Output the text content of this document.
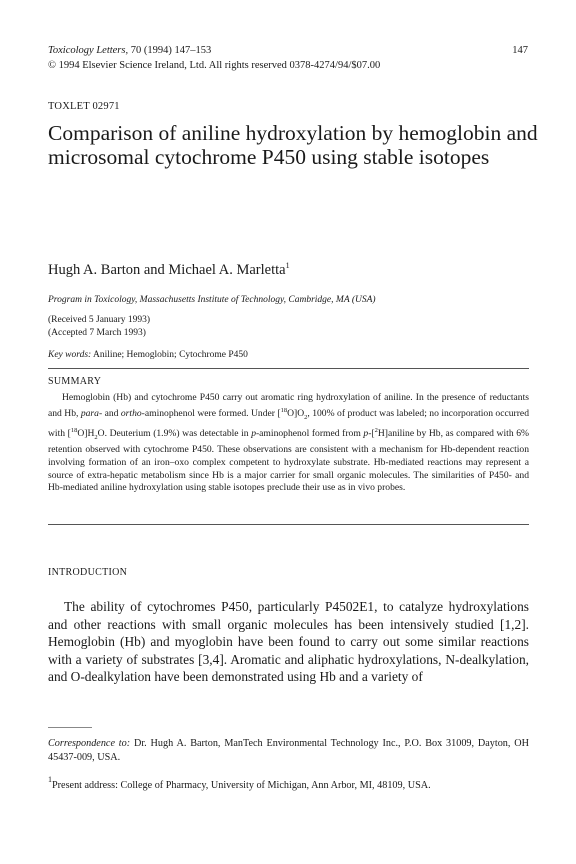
Toxicology Letters, 70 (1994) 147–153
© 1994 Elsevier Science Ireland, Ltd. All rights reserved 0378-4274/94/$07.00
147
TOXLET 02971
Comparison of aniline hydroxylation by hemoglobin and microsomal cytochrome P450 using stable isotopes
Hugh A. Barton and Michael A. Marletta$^1$
Program in Toxicology, Massachusetts Institute of Technology, Cambridge, MA (USA)
(Received 5 January 1993)
(Accepted 7 March 1993)
Key words: Aniline; Hemoglobin; Cytochrome P450
SUMMARY

Hemoglobin (Hb) and cytochrome P450 carry out aromatic ring hydroxylation of aniline. In the presence of reductants and Hb, para- and ortho-aminophenol were formed. Under $[^{18}O]O_2$, 100% of product was labeled; no incorporation occurred with $[^{18}O]H_2O$. Deuterium (1.9%) was detectable in p-aminophenol formed from p-[$^2$H]aniline by Hb, as compared with 6% retention observed with cytochrome P450. These observations are consistent with a mechanism for Hb-dependent reaction involving formation of an iron–oxo complex competent to hydroxylate substrate. Hb-mediated reactions may represent a source of extra-hepatic metabolism since Hb is a major carrier for small organic molecules. The similarities of P450- and Hb-mediated aniline hydroxylation using stable isotopes preclude their use as in vivo probes.

INTRODUCTION

The ability of cytochromes P450, particularly P4502E1, to catalyze hydroxylations and other reactions with small organic molecules has been intensively studied [1,2]. Hemoglobin (Hb) and myoglobin have been found to carry out some similar reactions with a variety of substrates [3,4]. Aromatic and aliphatic hydroxylations, N-dealkylation, and O-dealkylation have been demonstrated using Hb and a variety of

Correspondence to: Dr. Hugh A. Barton, ManTech Environmental Technology Inc., P.O. Box 31009, Dayton, OH 45437-009, USA.

$^1$Present address: College of Pharmacy, University of Michigan, Ann Arbor, MI, 48109, USA.
